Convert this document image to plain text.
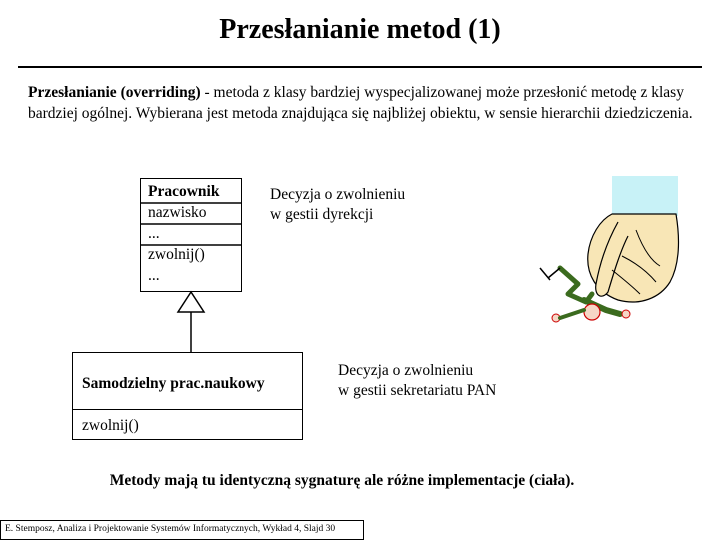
Przesłanianie metod (1)
Przesłanianie (overriding) - metoda z klasy bardziej wyspecjalizowanej może przesłonić metodę z klasy bardziej ogólnej. Wybierana jest metoda znajdująca się najbliżej obiektu, w sensie hierarchii dziedziczenia.
Pracownik
nazwisko
...
zwolnij()
...
Samodzielny prac.naukowy
zwolnij()
Decyzja o zwolnieniu
w gestii dyrekcji
Decyzja o zwolnieniu
w gestii sekretariatu PAN
Metody mają tu identyczną sygnaturę ale różne implementacje (ciała).
E. Stemposz, Analiza i Projektowanie Systemów Informatycznych, Wykład 4, Slajd 30
